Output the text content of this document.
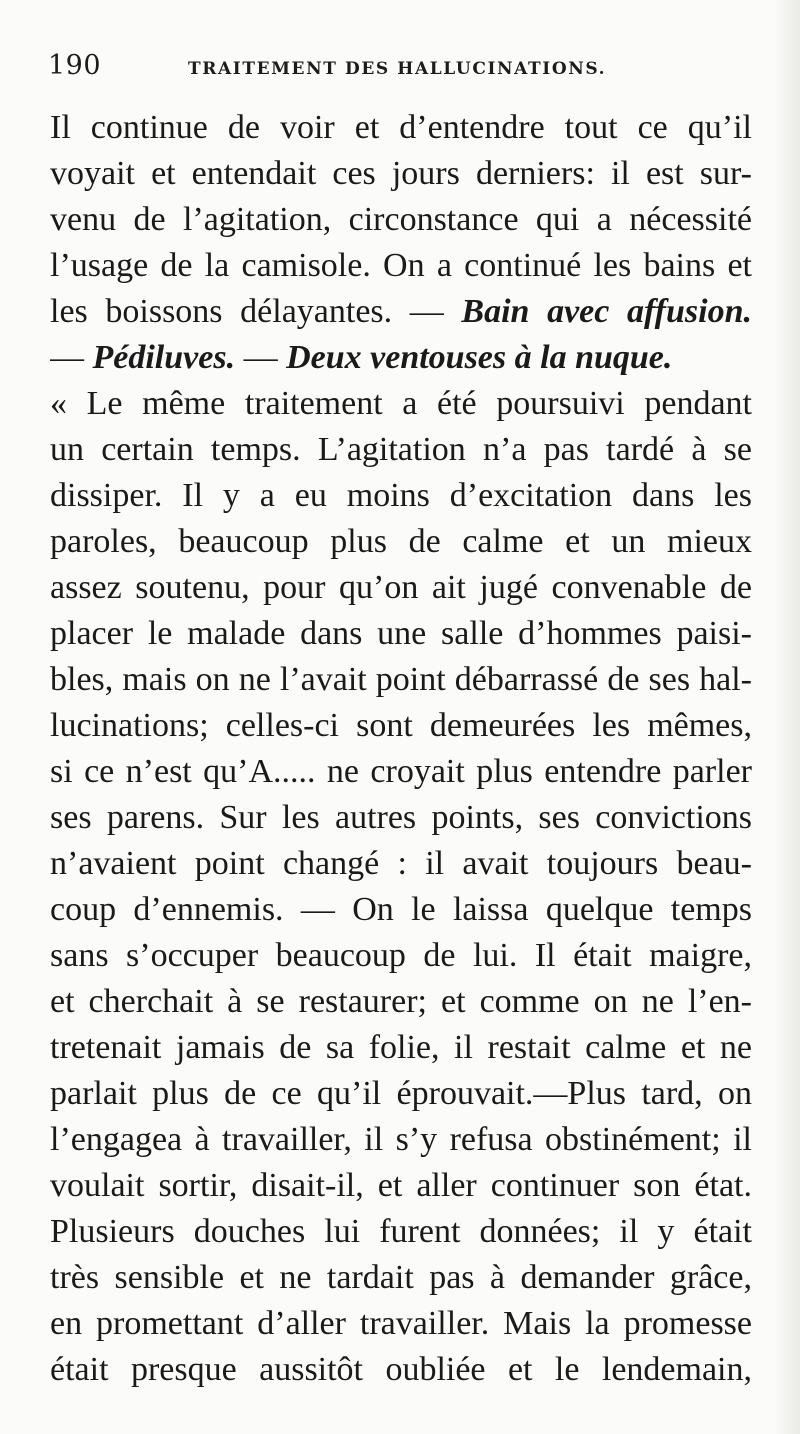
190	TRAITEMENT DES HALLUCINATIONS.
Il continue de voir et d’entendre tout ce qu’il
voyait et entendait ces jours derniers: il est sur-
venu de l’agitation, circonstance qui a nécessité
l’usage de la camisole. On a continué les bains et
les boissons délayantes. — Bain avec affusion.
— Pédiluves. — Deux ventouses à la nuque.
« Le même traitement a été poursuivi pendant
un certain temps. L’agitation n’a pas tardé à se
dissiper. Il y a eu moins d’excitation dans les
paroles, beaucoup plus de calme et un mieux
assez soutenu, pour qu’on ait jugé convenable de
placer le malade dans une salle d’hommes paisi-
bles, mais on ne l’avait point débarrassé de ses hal-
lucinations; celles-ci sont demeurées les mêmes,
si ce n’est qu’A..... ne croyait plus entendre parler
ses parens. Sur les autres points, ses convictions
n’avaient point changé : il avait toujours beau-
coup d’ennemis. — On le laissa quelque temps
sans s’occuper beaucoup de lui. Il était maigre,
et cherchait à se restaurer; et comme on ne l’en-
tretenait jamais de sa folie, il restait calme et ne
parlait plus de ce qu’il éprouvait.—Plus tard, on
l’engagea à travailler, il s’y refusa obstinément; il
voulait sortir, disait-il, et aller continuer son état.
Plusieurs douches lui furent données; il y était
très sensible et ne tardait pas à demander grâce,
en promettant d’aller travailler. Mais la promesse
était presque aussitôt oubliée et le lendemain,
